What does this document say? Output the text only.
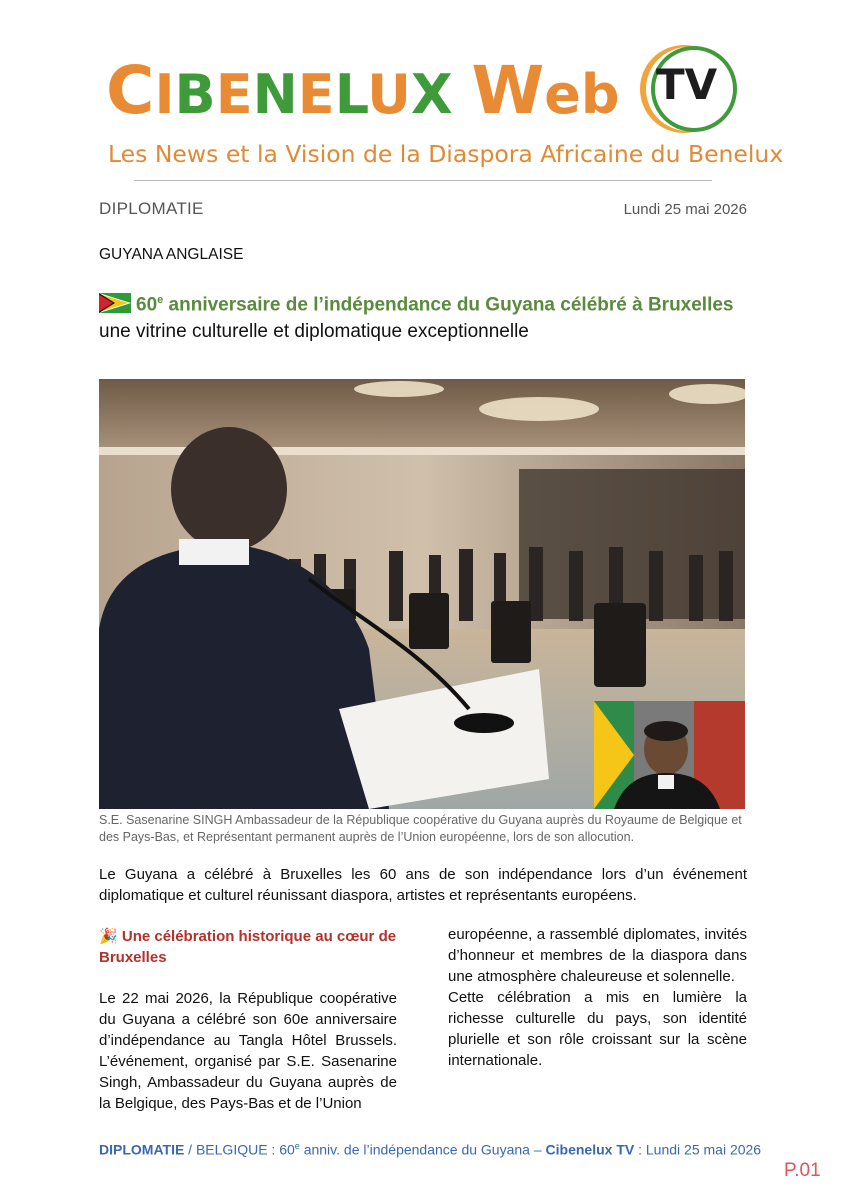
CIBENELUX Web TV
Les News et la Vision de la Diaspora Africaine du Benelux
DIPLOMATIE	Lundi 25 mai 2026
GUYANA ANGLAISE
60e anniversaire de l’indépendance du Guyana célébré à Bruxelles
une vitrine culturelle et diplomatique exceptionnelle
S.E. Sasenarine SINGH Ambassadeur de la République coopérative du Guyana auprès du Royaume de Belgique et des Pays-Bas, et Représentant permanent auprès de l’Union européenne, lors de son allocution.
Le Guyana a célébré à Bruxelles les 60 ans de son indépendance lors d’un événement diplomatique et culturel réunissant diaspora, artistes et représentants européens.
🎉 Une célébration historique au cœur de Bruxelles

Le 22 mai 2026, la République coopérative du Guyana a célébré son 60e anniversaire d’indépendance au Tangla Hôtel Brussels. L’événement, organisé par S.E. Sasenarine Singh, Ambassadeur du Guyana auprès de la Belgique, des Pays-Bas et de l’Union

européenne, a rassemblé diplomates, invités d’honneur et membres de la diaspora dans une atmosphère chaleureuse et solennelle.

Cette célébration a mis en lumière la richesse culturelle du pays, son identité plurielle et son rôle croissant sur la scène internationale.

DIPLOMATIE / BELGIQUE : 60e anniv. de l’indépendance du Guyana – Cibenelux TV : Lundi 25 mai 2026
P.01
